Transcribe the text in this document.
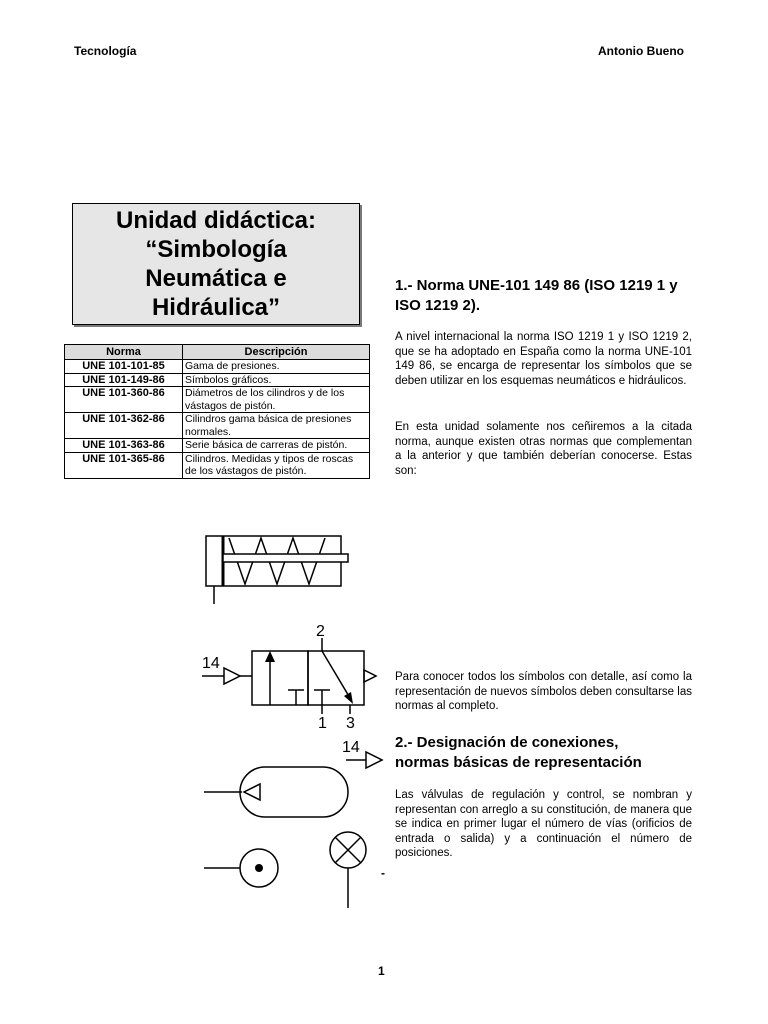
Tecnología	Antonio Bueno
Unidad didáctica:
“Simbología
Neumática e
Hidráulica”
Norma	Descripción
UNE 101-101-85	Gama de presiones.
UNE 101-149-86	Símbolos gráficos.
UNE 101-360-86	Diámetros de los cilindros y de los vástagos de pistón.
UNE 101-362-86	Cilindros gama básica de presiones normales.
UNE 101-363-86	Serie básica de carreras de pistón.
UNE 101-365-86	Cilindros. Medidas y tipos de roscas de los vástagos de pistón.
1.- Norma UNE-101 149 86 (ISO 1219 1 y ISO 1219 2).
A nivel internacional la norma ISO 1219 1 y ISO 1219 2, que se ha adoptado en España como la norma UNE-101 149 86, se encarga de representar los símbolos que se deben utilizar en los esquemas neumáticos e hidráulicos.
En esta unidad solamente nos ceñiremos a la citada norma, aunque existen otras normas que complementan a la anterior y que también deberían conocerse. Estas son:
Para conocer todos los símbolos con detalle, así como la representación de nuevos símbolos deben consultarse las normas al completo.
2.- Designación de conexiones,
normas básicas de representación
Las válvulas de regulación y control, se nombran y representan con arreglo a su constitución, de manera que se indica en primer lugar el número de vías (orificios de entrada o salida) y a continuación el número de posiciones.
14
2
1 3
14
-
1
